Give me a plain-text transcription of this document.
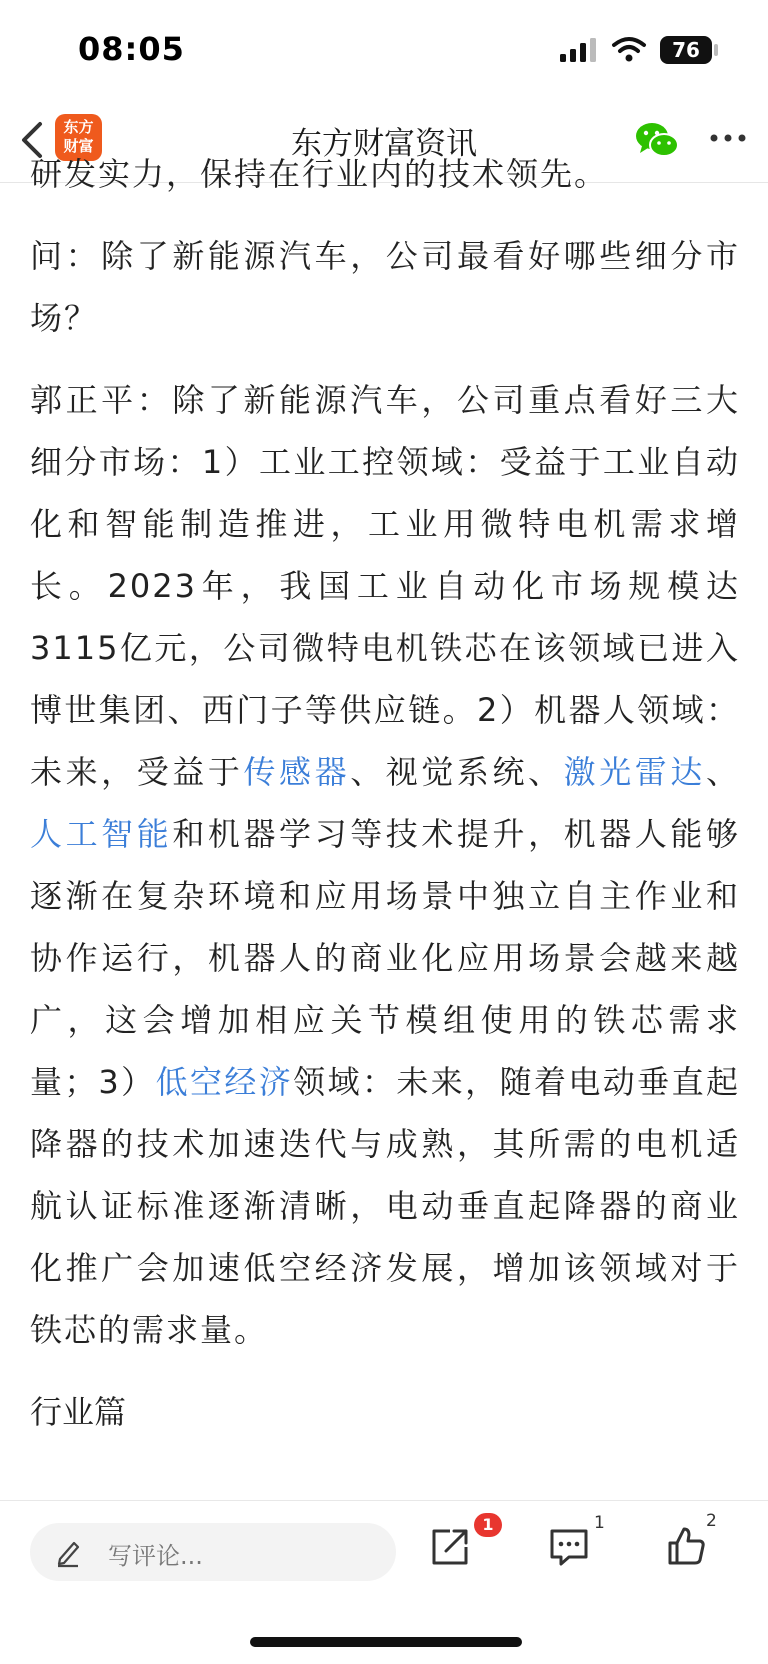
08:05	76
东方
财富	东方财富资讯

研发实力，保持在行业内的技术领先。

问：除了新能源汽车，公司最看好哪些细分市场？

郭正平：除了新能源汽车，公司重点看好三大细分市场：1）工业工控领域：受益于工业自动化和智能制造推进，工业用微特电机需求增长。2023年，我国工业自动化市场规模达3115亿元，公司微特电机铁芯在该领域已进入博世集团、西门子等供应链。2）机器人领域：未来，受益于传感器、视觉系统、激光雷达、人工智能和机器学习等技术提升，机器人能够逐渐在复杂环境和应用场景中独立自主作业和协作运行，机器人的商业化应用场景会越来越广，这会增加相应关节模组使用的铁芯需求量；3）低空经济领域：未来，随着电动垂直起降器的技术加速迭代与成熟，其所需的电机适航认证标准逐渐清晰，电动垂直起降器的商业化推广会加速低空经济发展，增加该领域对于铁芯的需求量。

行业篇

写评论...
1	1	2
